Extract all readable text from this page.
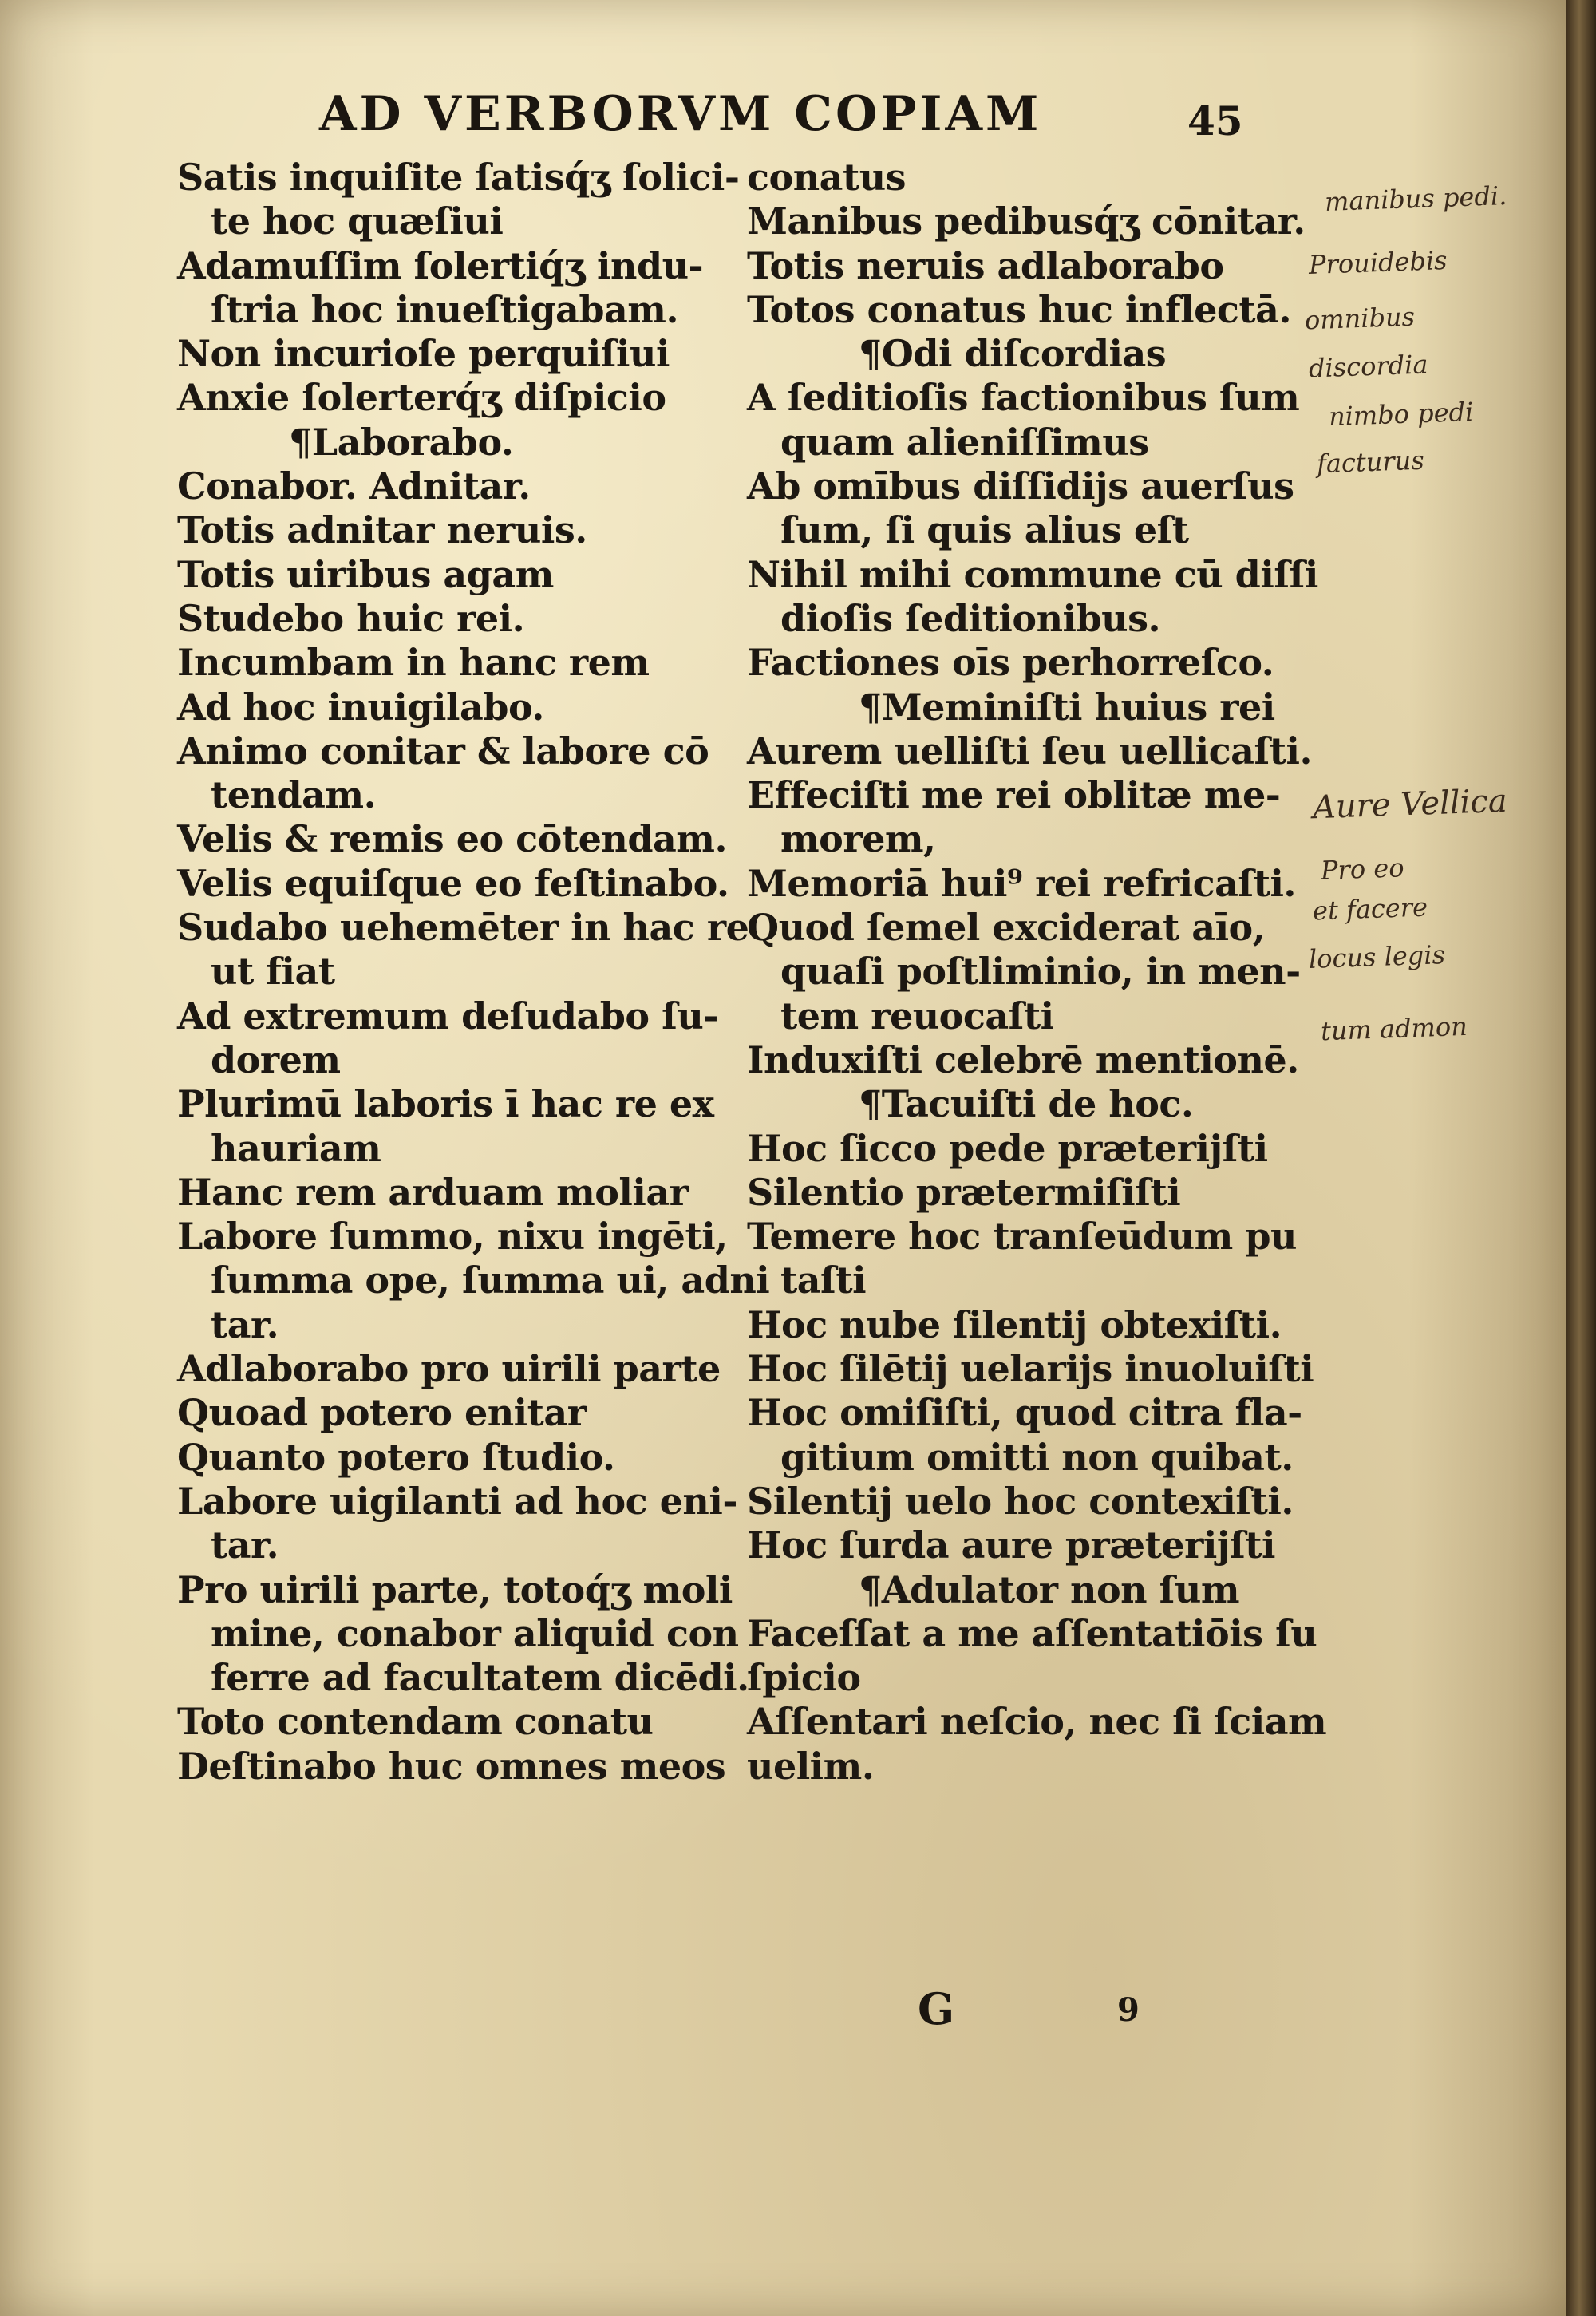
AD VERBORVM COPIAM	45
Satis inquiſite ſatisq́ʒ ſolici-
te hoc quæſiui
Adamuſſim ſolertiq́ʒ indu-
ſtria hoc inueſtigabam.
Non incurioſe perquiſiui
Anxie ſolerterq́ʒ diſpicio
¶Laborabo.
Conabor. Adnitar.
Totis adnitar neruis.
Totis uiribus agam
Studebo huic rei.
Incumbam in hanc rem
Ad hoc inuigilabo.
Animo conitar & labore cō
tendam.
Velis & remis eo cōtendam.
Velis equiſque eo feſtinabo.
Sudabo uehemēter in hac re
ut fiat
Ad extremum deſudabo ſu-
dorem
Plurimū laboris ī hac re ex
hauriam
Hanc rem arduam moliar
Labore ſummo, nixu ingēti,
ſumma ope, ſumma ui, adni
tar.
Adlaborabo pro uirili parte
Quoad potero enitar
Quanto potero ſtudio.
Labore uigilanti ad hoc eni-
tar.
Pro uirili parte, totoq́ʒ moli
mine, conabor aliquid con
ferre ad facultatem dicēdi.
Toto contendam conatu
Deſtinabo huc omnes meos
conatus
Manibus pedibusq́ʒ cōnitar.
Totis neruis adlaborabo
Totos conatus huc inflectā.
¶Odi diſcordias
A ſeditioſis factionibus ſum
quam alieniſſimus
Ab omībus diſſidijs auerſus
ſum, ſi quis alius eſt
Nihil mihi commune cū diſſi
dioſis ſeditionibus.
Factiones oīs perhorreſco.
¶Meminiſti huius rei
Aurem uelliſti ſeu uellicaſti.
Effeciſti me rei oblitæ me-
morem,
Memoriā hui⁹ rei refricaſti.
Quod ſemel exciderat aīo,
quaſi poſtliminio, in men-
tem reuocaſti
Induxiſti celebrē mentionē.
¶Tacuiſti de hoc.
Hoc ſicco pede præterijſti
Silentio prætermiſiſti
Temere hoc tranſeūdum pu
taſti
Hoc nube ſilentij obtexiſti.
Hoc ſilētij uelarijs inuoluiſti
Hoc omiſiſti, quod citra fla-
gitium omitti non quibat.
Silentij uelo hoc contexiſti.
Hoc ſurda aure præterijſti
¶Adulator non ſum
Faceſſat a me aſſentatiōis ſu
ſpicio
Aſſentari neſcio, nec ſi ſciam
uelim.
manibus pedi.
Prouidebis
omnibus
discordia
nimbo pedi
facturus
Aure Vellica
Pro eo
et facere
locus legis
tum admon
G	9
